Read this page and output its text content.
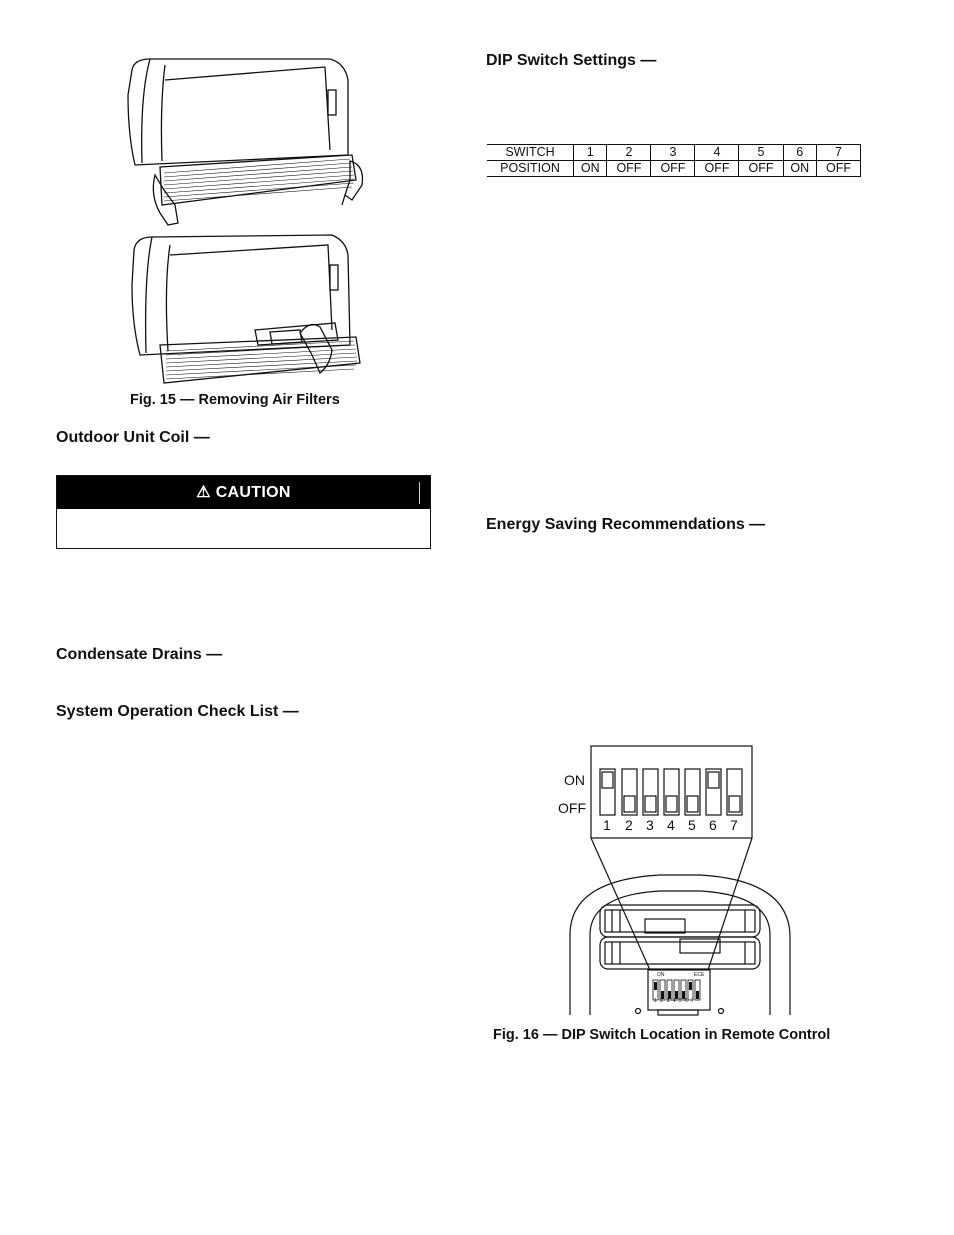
Fig. 15 — Removing Air Filters
Outdoor Unit Coil —
⚠ CAUTION
Condensate Drains —
System Operation Check List —
DIP Switch Settings —
SWITCH	1	2	3	4	5	6	7
POSITION	ON	OFF	OFF	OFF	OFF	ON	OFF
Energy Saving Recommendations —
ON
OFF
1 2 3 4 5 6 7
ON	ECE
1 2 3 4 5 6 7
Fig. 16 — DIP Switch Location in Remote Control
